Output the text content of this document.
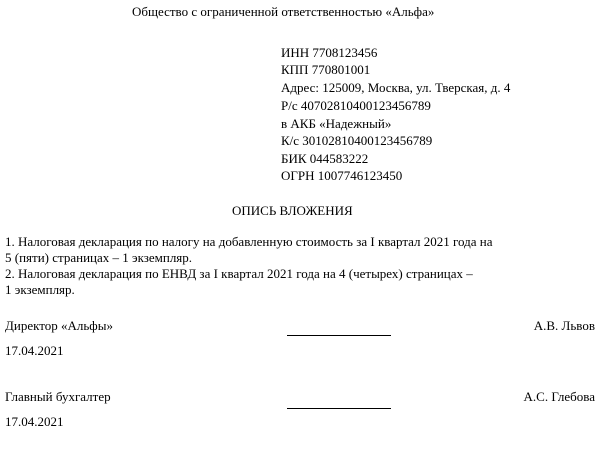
Общество с ограниченной ответственностью «Альфа»
ИНН 7708123456
КПП 770801001
Адрес: 125009, Москва, ул. Тверская, д. 4
Р/с 40702810400123456789
в АКБ «Надежный»
К/с 30102810400123456789
БИК 044583222
ОГРН 1007746123450
ОПИСЬ ВЛОЖЕНИЯ
1. Налоговая декларация по налогу на добавленную стоимость за I квартал 2021 года на
5 (пяти) страницах – 1 экземпляр.
2. Налоговая декларация по ЕНВД за I квартал 2021 года на 4 (четырех) страницах –
1 экземпляр.
Директор «Альфы»	А.В. Львов
17.04.2021
Главный бухгалтер	А.С. Глебова
17.04.2021
